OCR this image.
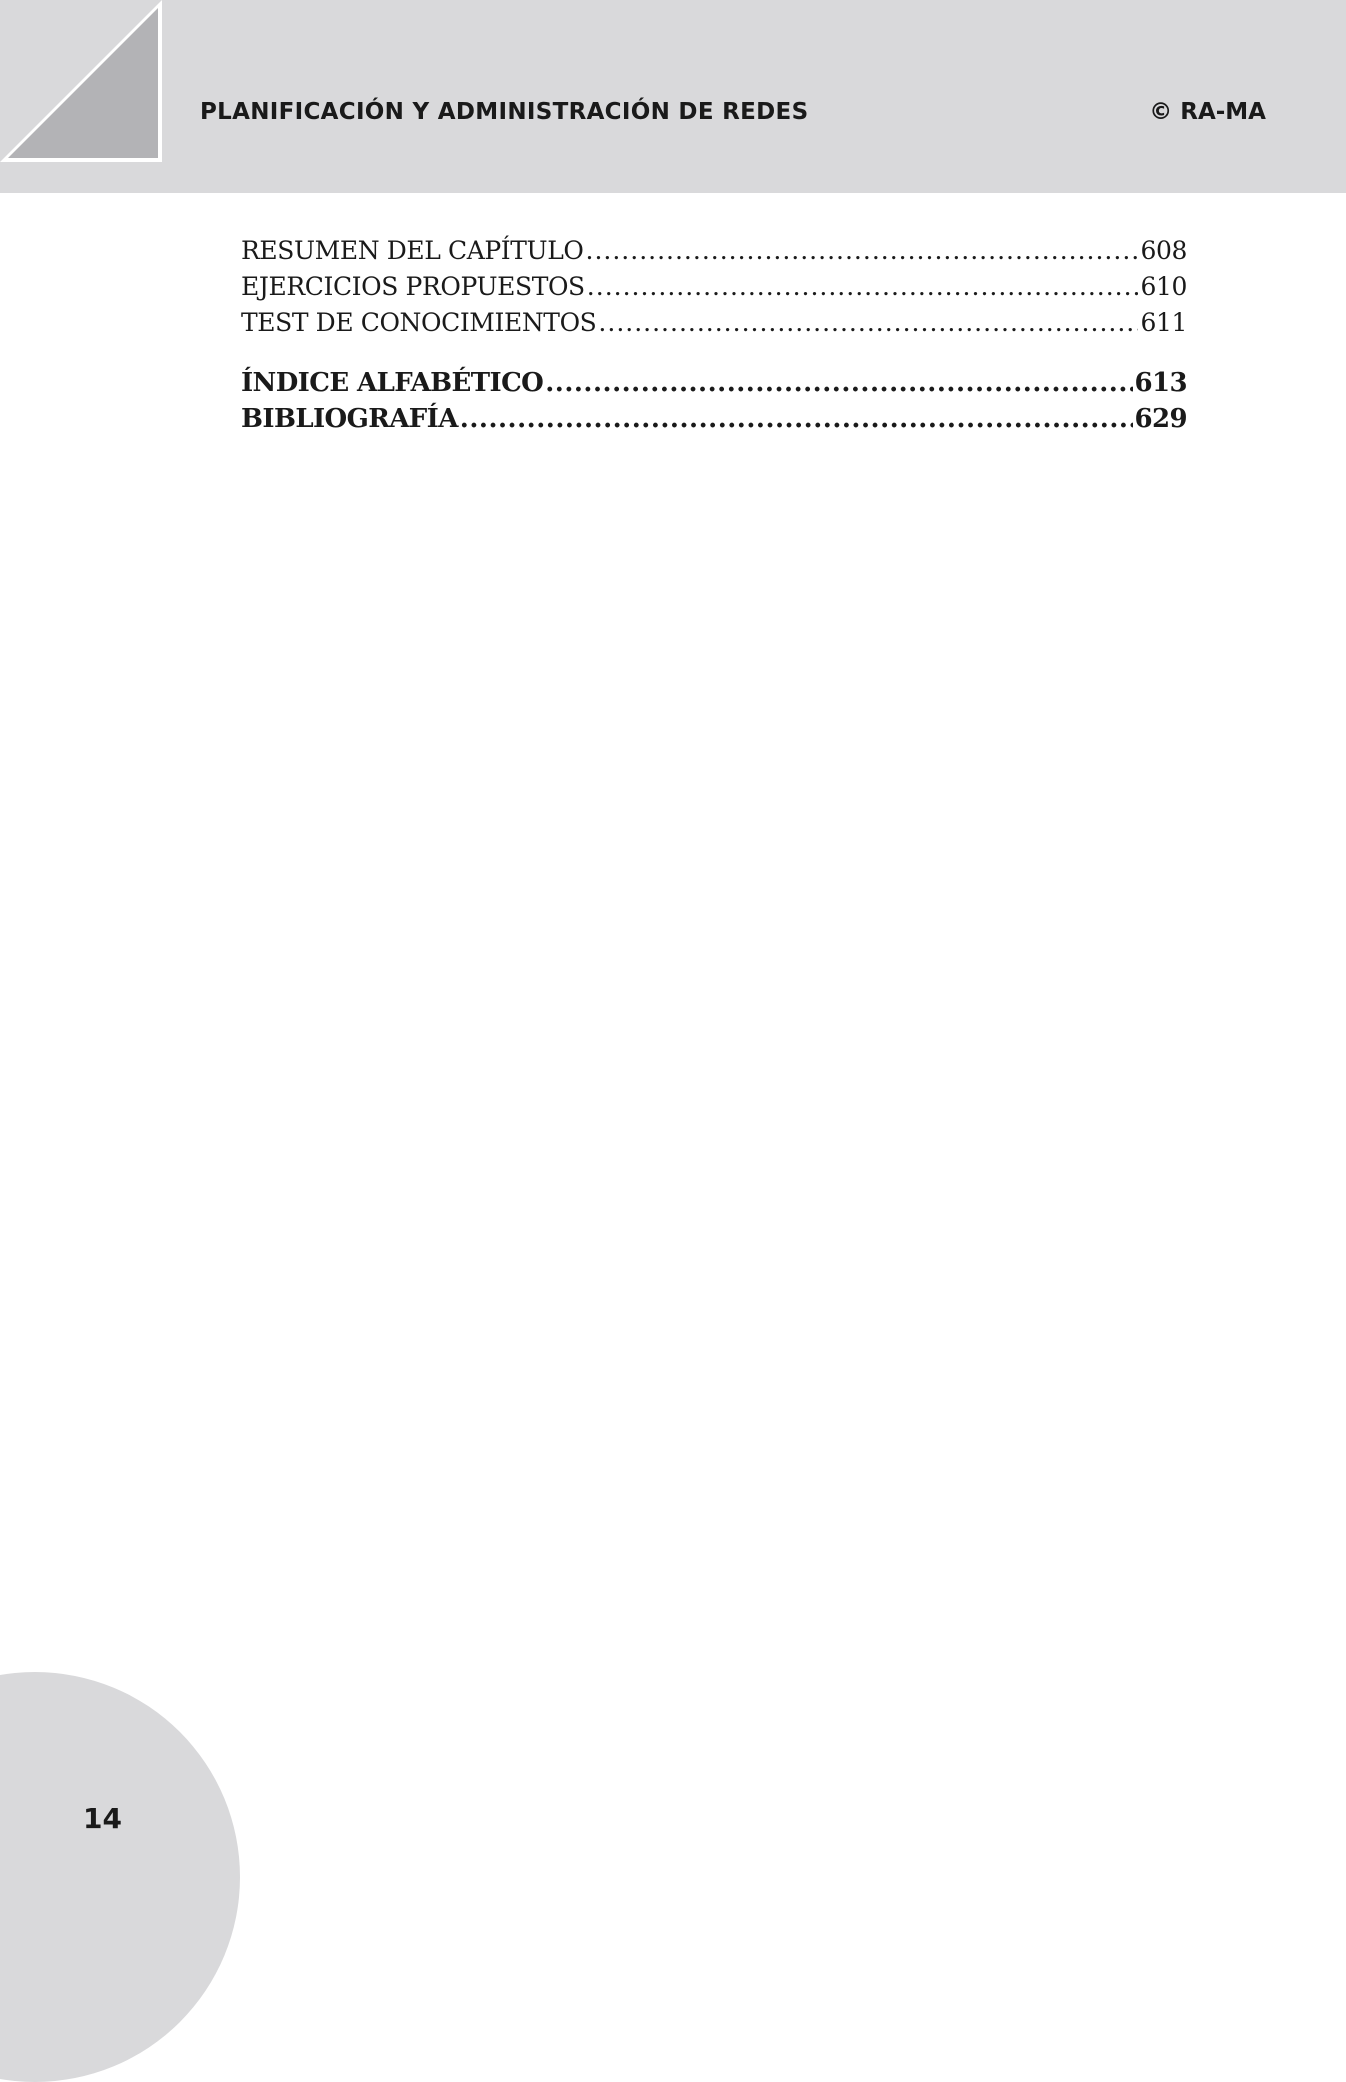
PLANIFICACIÓN Y ADMINISTRACIÓN DE REDES	© RA-MA
RESUMEN DEL CAPÍTULO .....	608
EJERCICIOS PROPUESTOS .....	610
TEST DE CONOCIMIENTOS .....	611
ÍNDICE ALFABÉTICO .....	613
BIBLIOGRAFÍA .....	629
14
